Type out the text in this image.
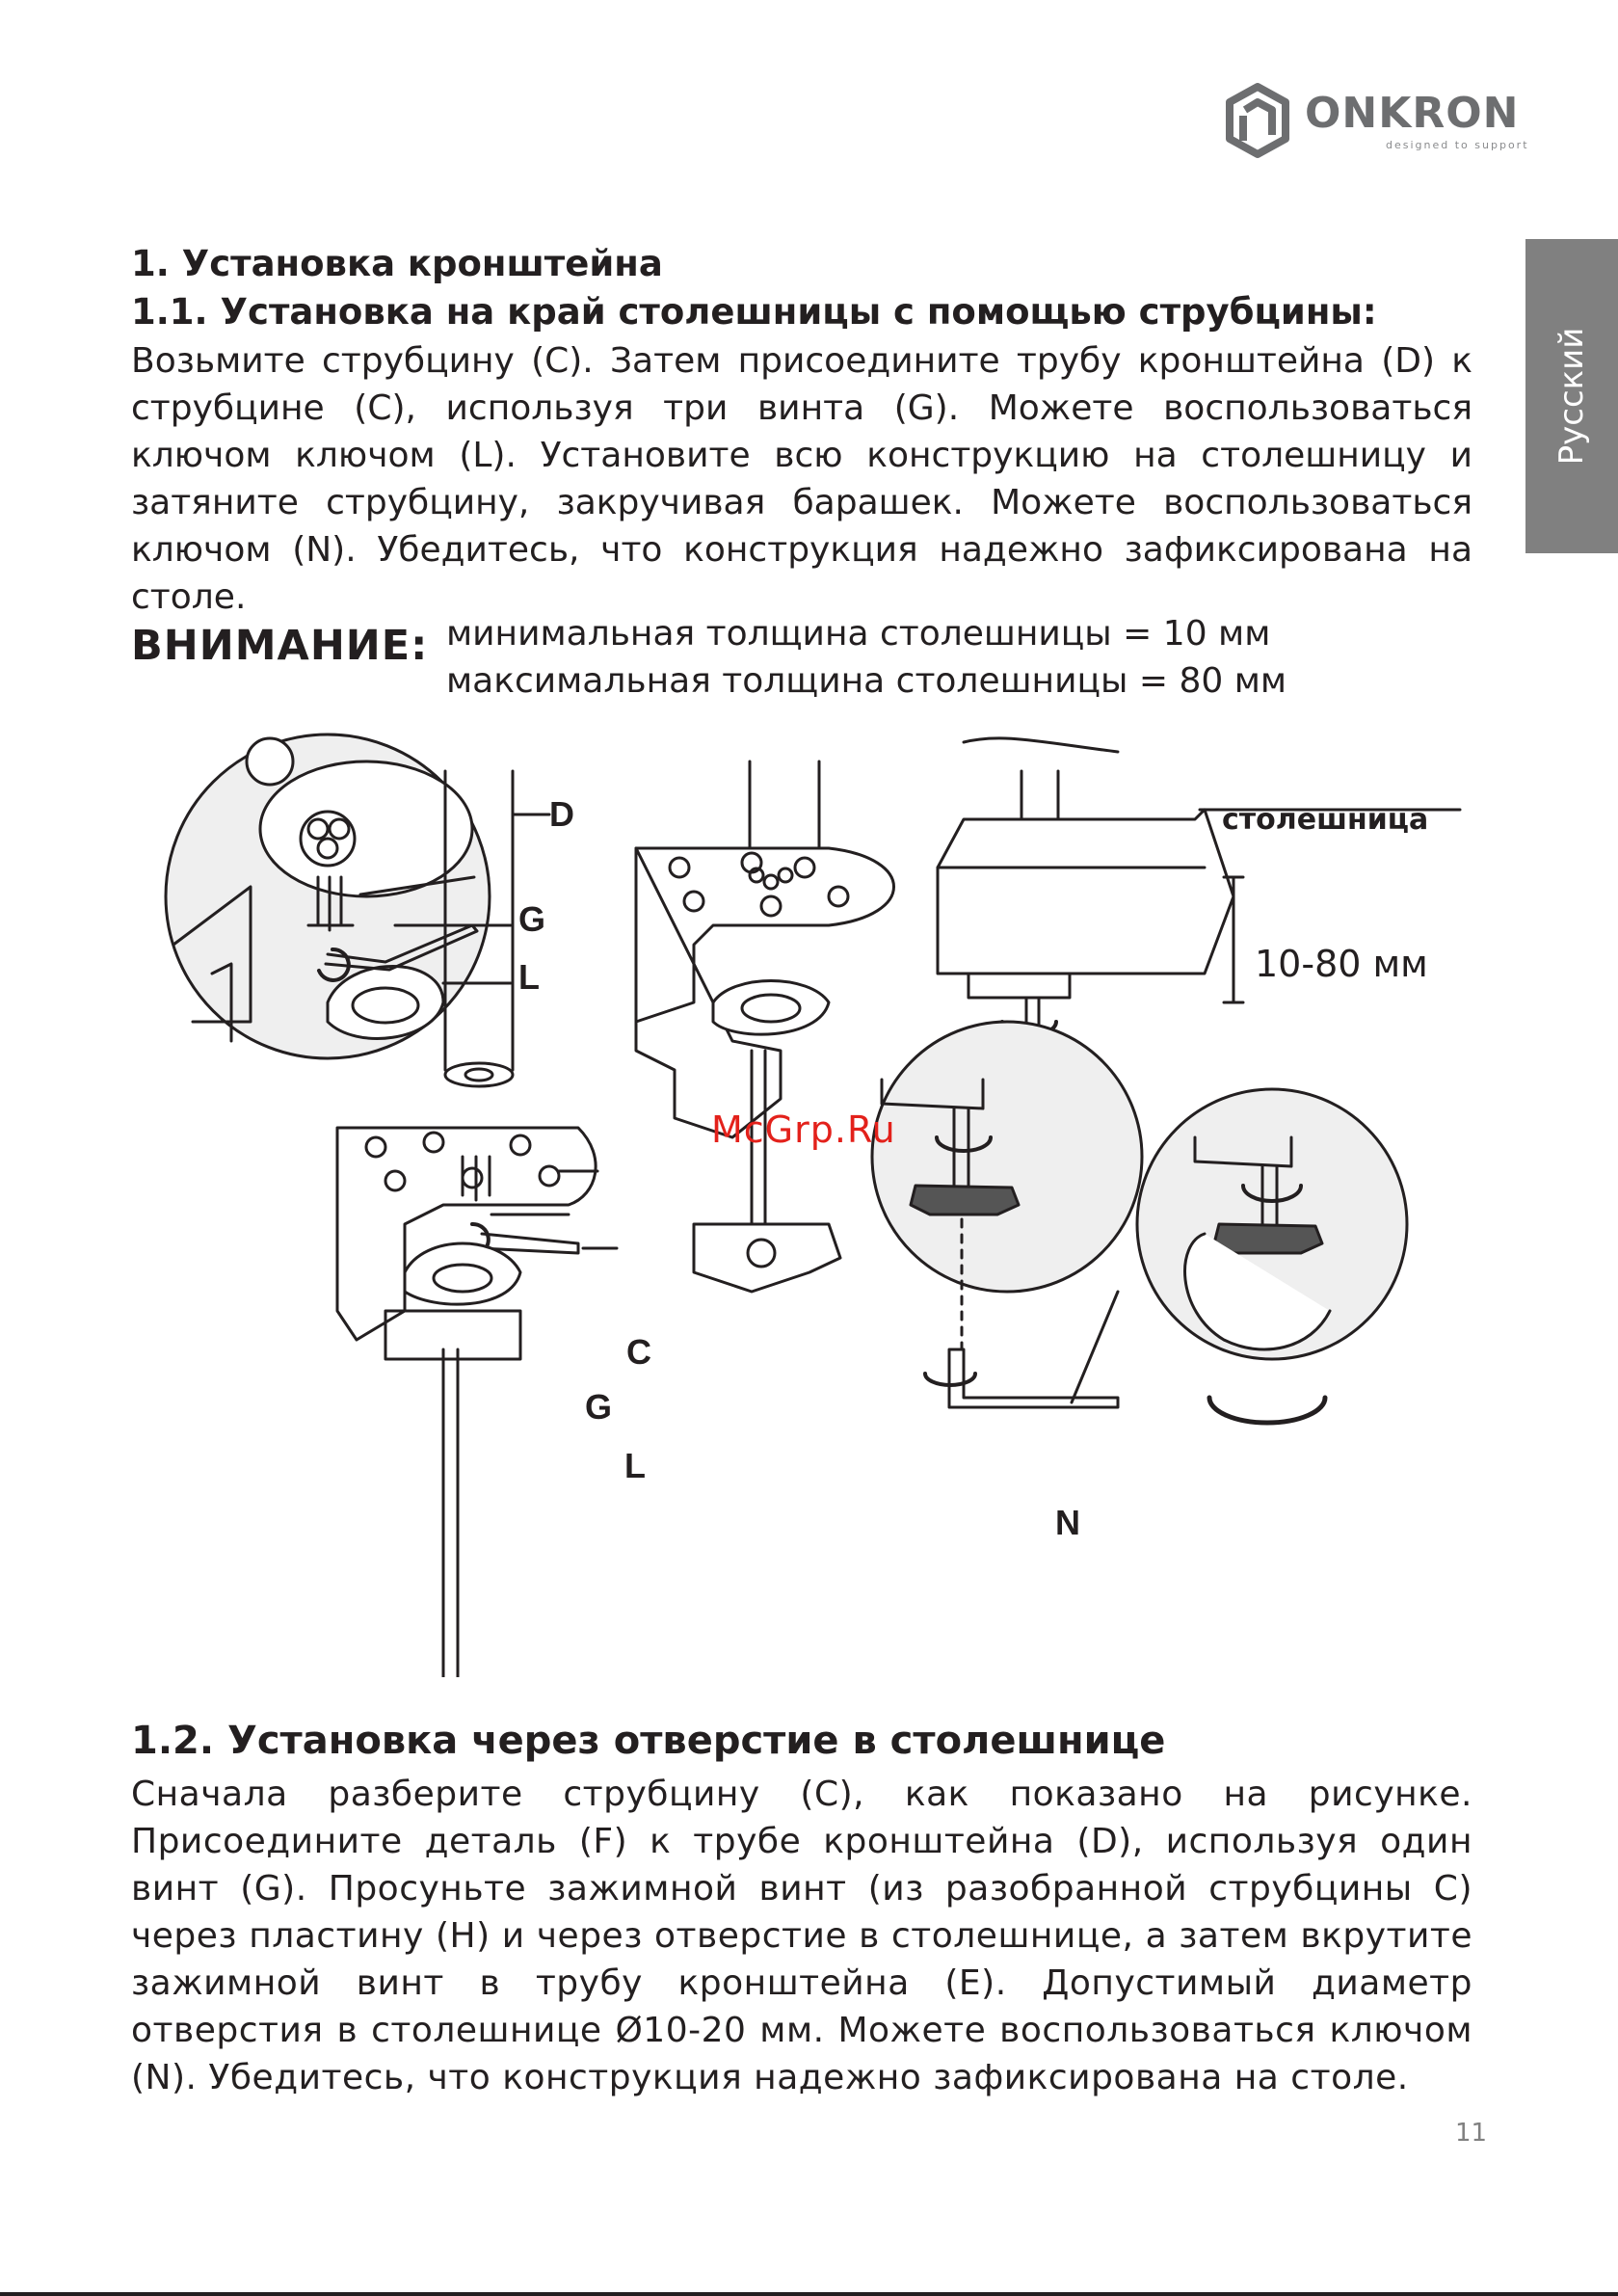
ONKRON
designed to support
Русский
1. Установка кронштейна
1.1. Установка на край столешницы с помощью струбцины:
Возьмите струбцину (C). Затем присоедините трубу кронштейна (D) к струбцине (C), используя три винта (G). Можете воспользоваться ключом ключом (L). Установите всю конструкцию на столешницу и затяните струбцину, закручивая барашек. Можете воспользоваться ключом (N). Убедитесь, что конструкция надежно зафиксирована на столе.
ВНИМАНИЕ: минимальная толщина столешницы = 10 мм
максимальная толщина столешницы = 80 мм
G
L
D
C
G
L
N
столешница
10-80 мм
McGrp.Ru
1.2. Установка через отверстие в столешнице
Сначала разберите струбцину (C), как показано на рисунке. Присоедините деталь (F) к трубе кронштейна (D), используя один винт (G). Просуньте зажимной винт (из разобранной струбцины C) через пластину (H) и через отверстие в столешнице, а затем вкрутите зажимной винт в трубу кронштейна (E). Допустимый диаметр отверстия в столешнице Ø10-20 мм. Можете воспользоваться ключом (N). Убедитесь, что конструкция надежно зафиксирована на столе.
11
